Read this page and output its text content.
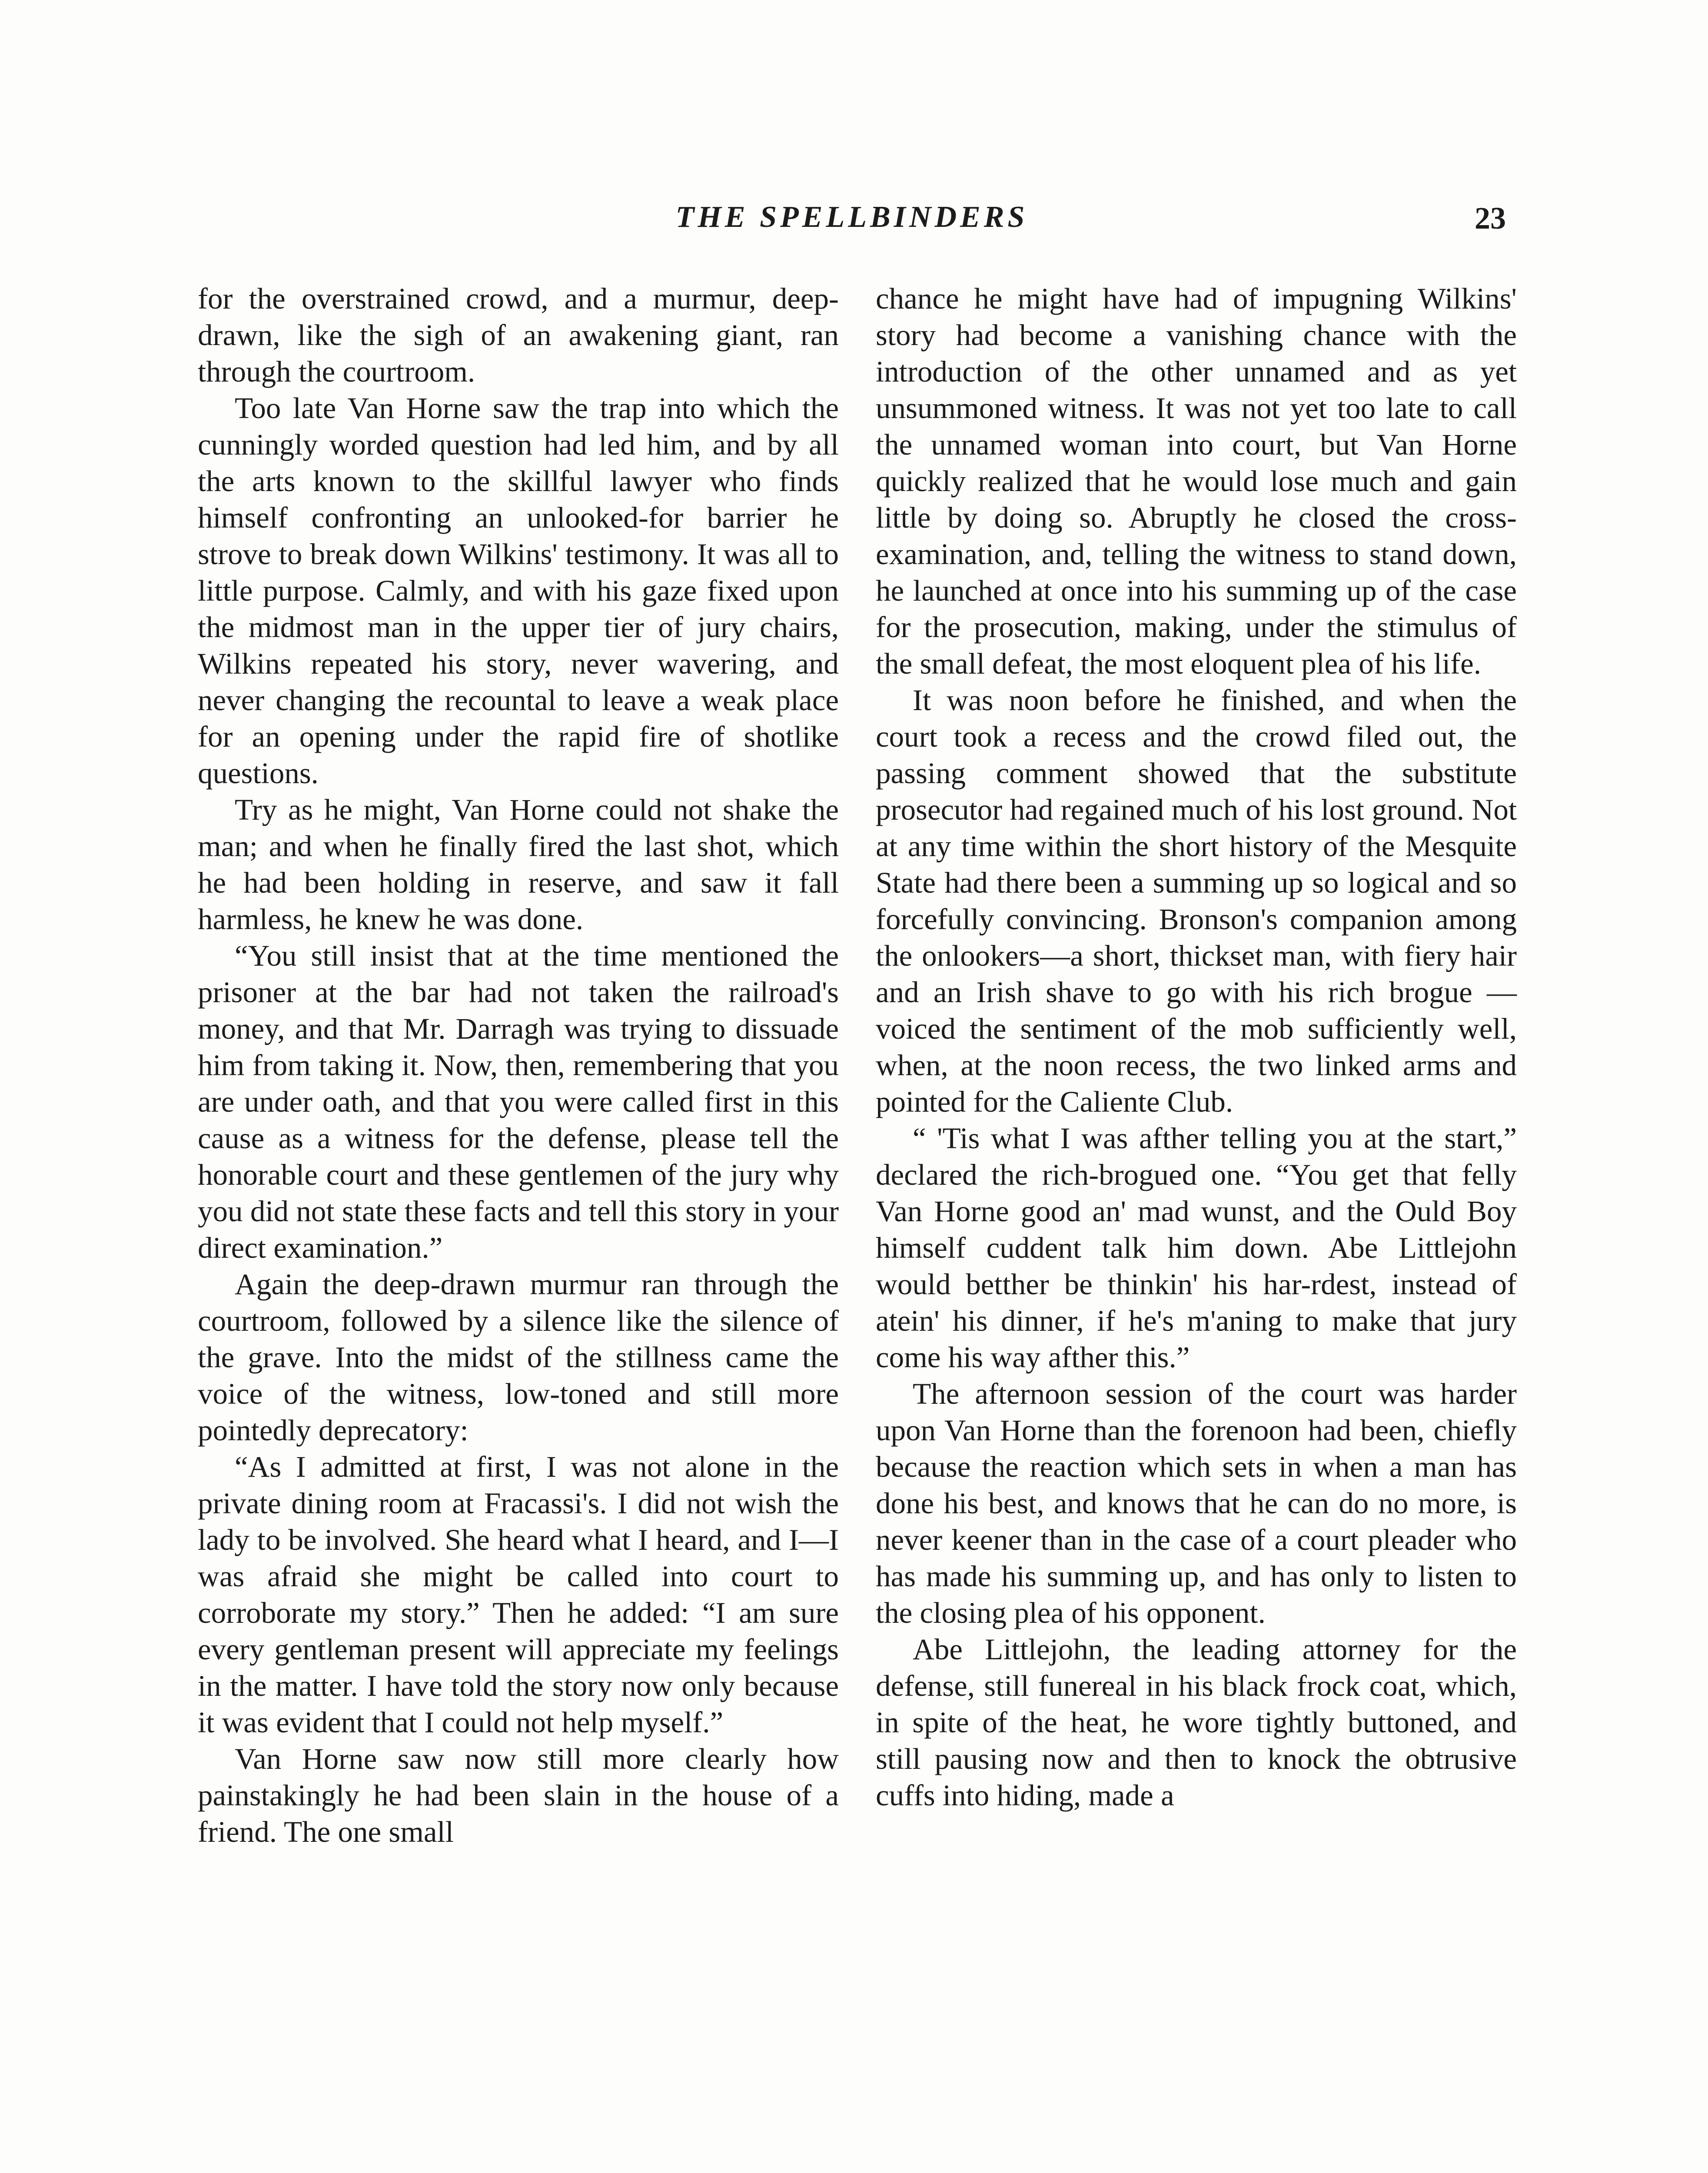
THE SPELLBINDERS	23

for the overstrained crowd, and a murmur, deep-drawn, like the sigh of an awakening giant, ran through the courtroom.

Too late Van Horne saw the trap into which the cunningly worded question had led him, and by all the arts known to the skillful lawyer who finds himself confronting an unlooked-for barrier he strove to break down Wilkins' testimony. It was all to little purpose. Calmly, and with his gaze fixed upon the midmost man in the upper tier of jury chairs, Wilkins repeated his story, never wavering, and never changing the recountal to leave a weak place for an opening under the rapid fire of shotlike questions.

Try as he might, Van Horne could not shake the man; and when he finally fired the last shot, which he had been holding in reserve, and saw it fall harmless, he knew he was done.

“You still insist that at the time mentioned the prisoner at the bar had not taken the railroad's money, and that Mr. Darragh was trying to dissuade him from taking it. Now, then, remembering that you are under oath, and that you were called first in this cause as a witness for the defense, please tell the honorable court and these gentlemen of the jury why you did not state these facts and tell this story in your direct examination.”

Again the deep-drawn murmur ran through the courtroom, followed by a silence like the silence of the grave. Into the midst of the stillness came the voice of the witness, low-toned and still more pointedly deprecatory:

“As I admitted at first, I was not alone in the private dining room at Fracassi's. I did not wish the lady to be involved. She heard what I heard, and I—I was afraid she might be called into court to corroborate my story.” Then he added: “I am sure every gentleman present will appreciate my feelings in the matter. I have told the story now only because it was evident that I could not help myself.”

Van Horne saw now still more clearly how painstakingly he had been slain in the house of a friend. The one small

chance he might have had of impugning Wilkins' story had become a vanishing chance with the introduction of the other unnamed and as yet unsummoned witness. It was not yet too late to call the unnamed woman into court, but Van Horne quickly realized that he would lose much and gain little by doing so. Abruptly he closed the cross-examination, and, telling the witness to stand down, he launched at once into his summing up of the case for the prosecution, making, under the stimulus of the small defeat, the most eloquent plea of his life.

It was noon before he finished, and when the court took a recess and the crowd filed out, the passing comment showed that the substitute prosecutor had regained much of his lost ground. Not at any time within the short history of the Mesquite State had there been a summing up so logical and so forcefully convincing. Bronson's companion among the onlookers—a short, thickset man, with fiery hair and an Irish shave to go with his rich brogue —voiced the sentiment of the mob sufficiently well, when, at the noon recess, the two linked arms and pointed for the Caliente Club.

“ 'Tis what I was afther telling you at the start,” declared the rich-brogued one. “You get that felly Van Horne good an' mad wunst, and the Ould Boy himself cuddent talk him down. Abe Littlejohn would betther be thinkin' his har-rdest, instead of atein' his dinner, if he's m'aning to make that jury come his way afther this.”

The afternoon session of the court was harder upon Van Horne than the forenoon had been, chiefly because the reaction which sets in when a man has done his best, and knows that he can do no more, is never keener than in the case of a court pleader who has made his summing up, and has only to listen to the closing plea of his opponent.

Abe Littlejohn, the leading attorney for the defense, still funereal in his black frock coat, which, in spite of the heat, he wore tightly buttoned, and still pausing now and then to knock the obtrusive cuffs into hiding, made a
